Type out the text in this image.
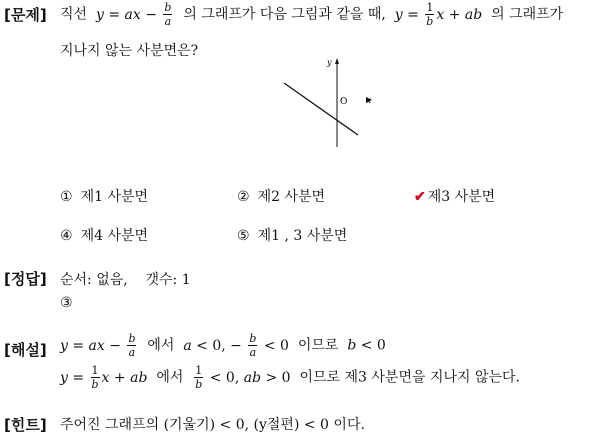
[문제] 직선  y = ax − $\frac{b}{a}$ 의 그래프가 다음 그림과 같을 때,  $y = \frac{1}{b}$ x + ab  의 그래프가
지나지 않는 사분면은?
y
O x
① 제1 사분면	② 제2 사분면	✔ 제3 사분면
④ 제4 사분면	⑤ 제1 , 3 사분면
[정답] 순서: 없음,    갯수: 1
③
[해설] y = ax − $\frac{b}{a}$ 에서  a < 0, − $\frac{b}{a} < 0$ 이므로  b < 0
$y = \frac{1}{b}$ x + ab  에서 $\frac{1}{b} < 0$, ab > 0 이므로 제3 사분면을 지나지 않는다.
[힌트] 주어진 그래프의 (기울기) < 0, (y절편) < 0 이다.
